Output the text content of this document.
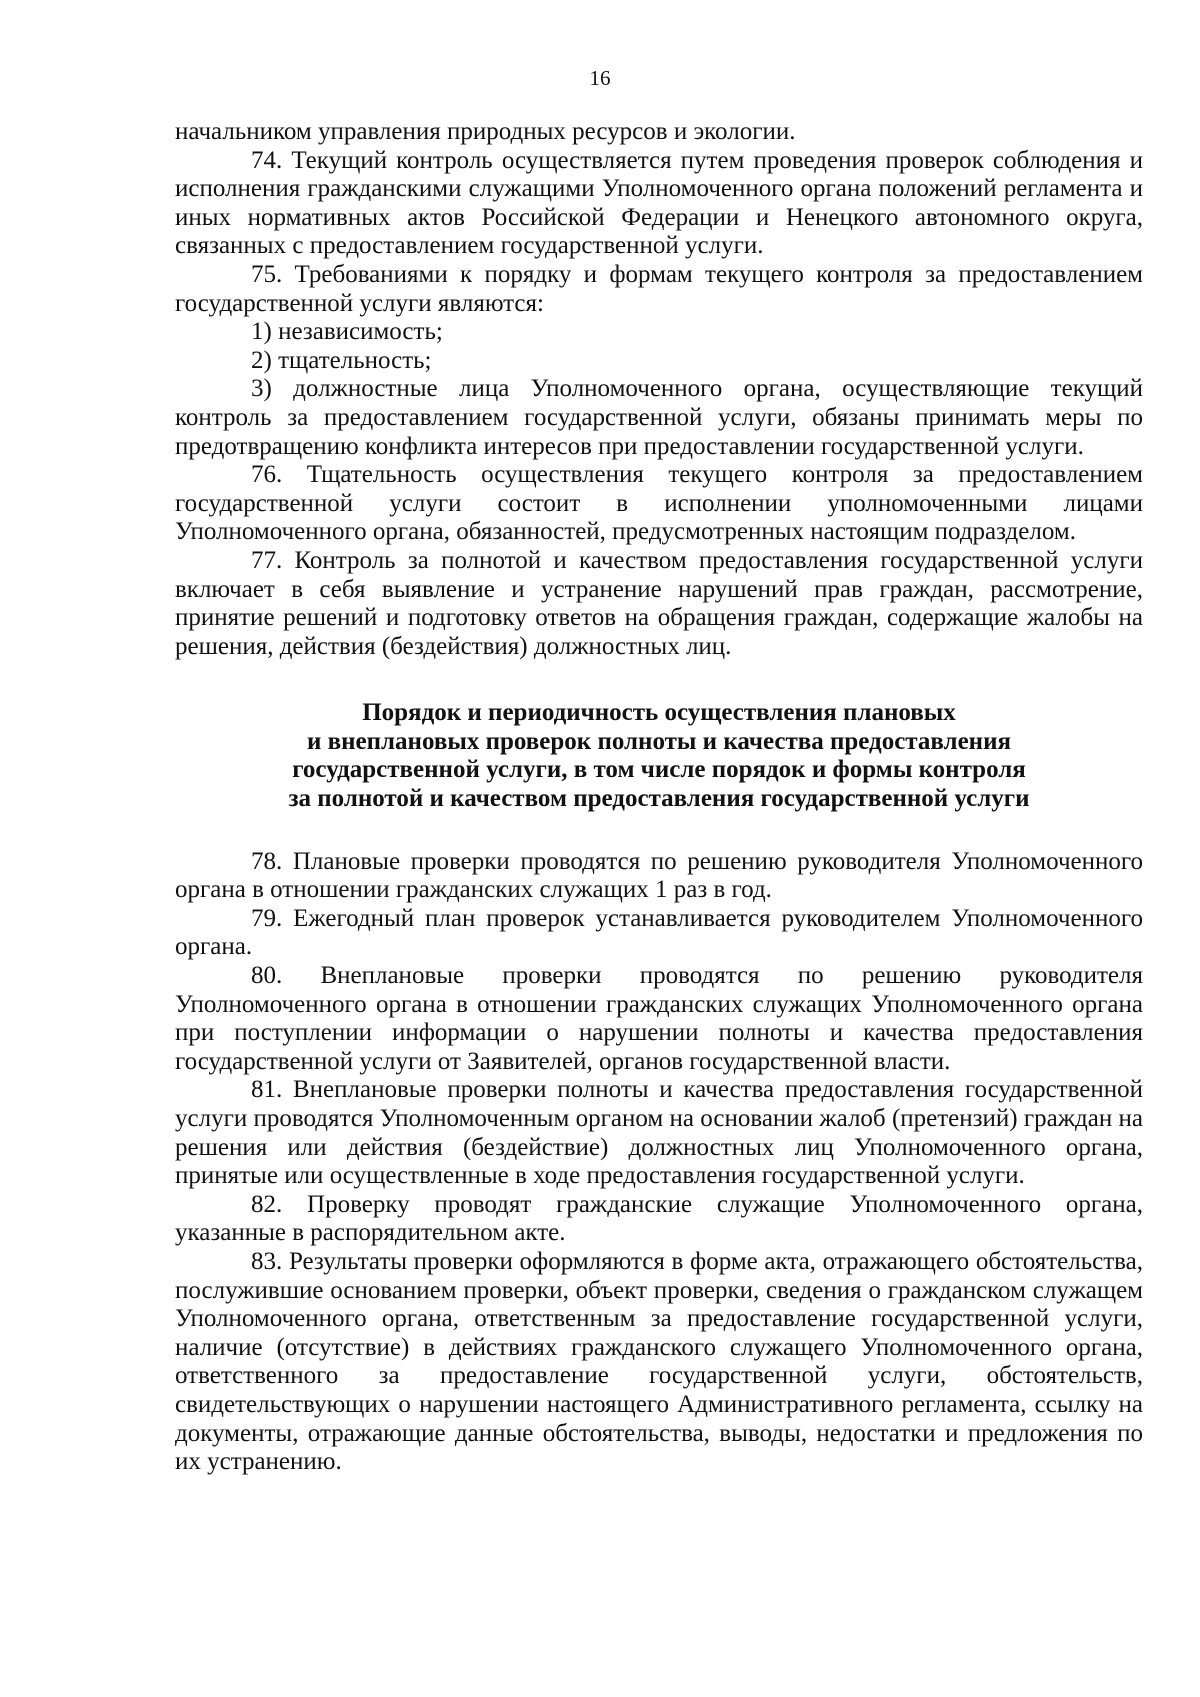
16

начальником управления природных ресурсов и экологии.

74. Текущий контроль осуществляется путем проведения проверок соблюдения и исполнения гражданскими служащими Уполномоченного органа положений регламента и иных нормативных актов Российской Федерации и Ненецкого автономного округа, связанных с предоставлением государственной услуги.

75. Требованиями к порядку и формам текущего контроля за предоставлением государственной услуги являются:

1) независимость;

2) тщательность;

3) должностные лица Уполномоченного органа, осуществляющие текущий контроль за предоставлением государственной услуги, обязаны принимать меры по предотвращению конфликта интересов при предоставлении государственной услуги.

76. Тщательность осуществления текущего контроля за предоставлением государственной услуги состоит в исполнении уполномоченными лицами Уполномоченного органа, обязанностей, предусмотренных настоящим подразделом.

77. Контроль за полнотой и качеством предоставления государственной услуги включает в себя выявление и устранение нарушений прав граждан, рассмотрение, принятие решений и подготовку ответов на обращения граждан, содержащие жалобы на решения, действия (бездействия) должностных лиц.

Порядок и периодичность осуществления плановых
и внеплановых проверок полноты и качества предоставления
государственной услуги, в том числе порядок и формы контроля
за полнотой и качеством предоставления государственной услуги

78. Плановые проверки проводятся по решению руководителя Уполномоченного органа в отношении гражданских служащих 1 раз в год.

79. Ежегодный план проверок устанавливается руководителем Уполномоченного органа.

80. Внеплановые проверки проводятся по решению руководителя Уполномоченного органа в отношении гражданских служащих Уполномоченного органа при поступлении информации о нарушении полноты и качества предоставления государственной услуги от Заявителей, органов государственной власти.

81. Внеплановые проверки полноты и качества предоставления государственной услуги проводятся Уполномоченным органом на основании жалоб (претензий) граждан на решения или действия (бездействие) должностных лиц Уполномоченного органа, принятые или осуществленные в ходе предоставления государственной услуги.

82. Проверку проводят гражданские служащие Уполномоченного органа, указанные в распорядительном акте.

83. Результаты проверки оформляются в форме акта, отражающего обстоятельства, послужившие основанием проверки, объект проверки, сведения о гражданском служащем Уполномоченного органа, ответственным за предоставление государственной услуги, наличие (отсутствие) в действиях гражданского служащего Уполномоченного органа, ответственного за предоставление государственной услуги, обстоятельств, свидетельствующих о нарушении настоящего Административного регламента, ссылку на документы, отражающие данные обстоятельства, выводы, недостатки и предложения по их устранению.
